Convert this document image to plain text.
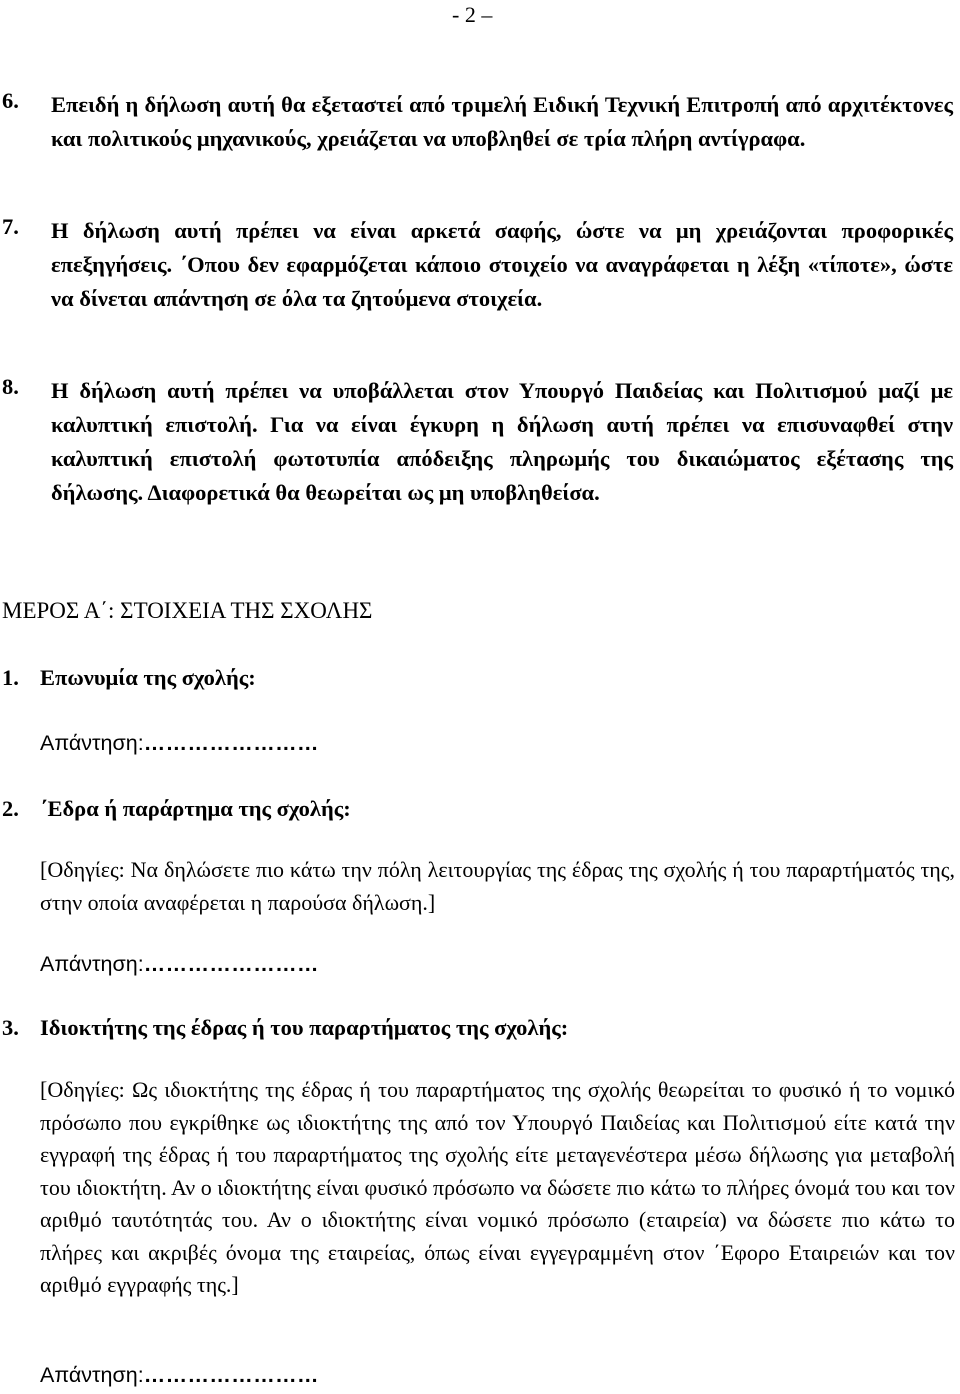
- 2 –
6. Επειδή η δήλωση αυτή θα εξεταστεί από τριμελή Ειδική Τεχνική Επιτροπή από αρχιτέκτονες και πολιτικούς μηχανικούς, χρειάζεται να υποβληθεί σε τρία πλήρη αντίγραφα.
7. Η δήλωση αυτή πρέπει να είναι αρκετά σαφής, ώστε να μη χρειάζονται προφορικές επεξηγήσεις. ΄Οπου δεν εφαρμόζεται κάποιο στοιχείο να αναγράφεται η λέξη «τίποτε», ώστε να δίνεται απάντηση σε όλα τα ζητούμενα στοιχεία.
8. Η δήλωση αυτή πρέπει να υποβάλλεται στον Υπουργό Παιδείας και Πολιτισμού μαζί με καλυπτική επιστολή. Για να είναι έγκυρη η δήλωση αυτή πρέπει να επισυναφθεί στην καλυπτική επιστολή φωτοτυπία απόδειξης πληρωμής του δικαιώματος εξέτασης της δήλωσης. Διαφορετικά θα θεωρείται ως μη υποβληθείσα.
ΜΕΡΟΣ Α΄: ΣΤΟΙΧΕΙΑ ΤΗΣ ΣΧΟΛΗΣ
1. Επωνυμία της σχολής:
Απάντηση:……………………
2. ΄Εδρα ή παράρτημα της σχολής:
[Οδηγίες: Να δηλώσετε πιο κάτω την πόλη λειτουργίας της έδρας της σχολής ή του παραρτήματός της, στην οποία αναφέρεται η παρούσα δήλωση.]
Απάντηση:……………………
3. Ιδιοκτήτης της έδρας ή του παραρτήματος της σχολής:
[Οδηγίες: Ως ιδιοκτήτης της έδρας ή του παραρτήματος της σχολής θεωρείται το φυσικό ή το νομικό πρόσωπο που εγκρίθηκε ως ιδιοκτήτης της από τον Υπουργό Παιδείας και Πολιτισμού είτε κατά την εγγραφή της έδρας ή του παραρτήματος της σχολής είτε μεταγενέστερα μέσω δήλωσης για μεταβολή του ιδιοκτήτη. Αν ο ιδιοκτήτης είναι φυσικό πρόσωπο να δώσετε πιο κάτω το πλήρες όνομά του και τον αριθμό ταυτότητάς του. Αν ο ιδιοκτήτης είναι νομικό πρόσωπο (εταιρεία) να δώσετε πιο κάτω το πλήρες και ακριβές όνομα της εταιρείας, όπως είναι εγγεγραμμένη στον ΄Εφορο Εταιρειών και τον αριθμό εγγραφής της.]
Απάντηση:……………………
